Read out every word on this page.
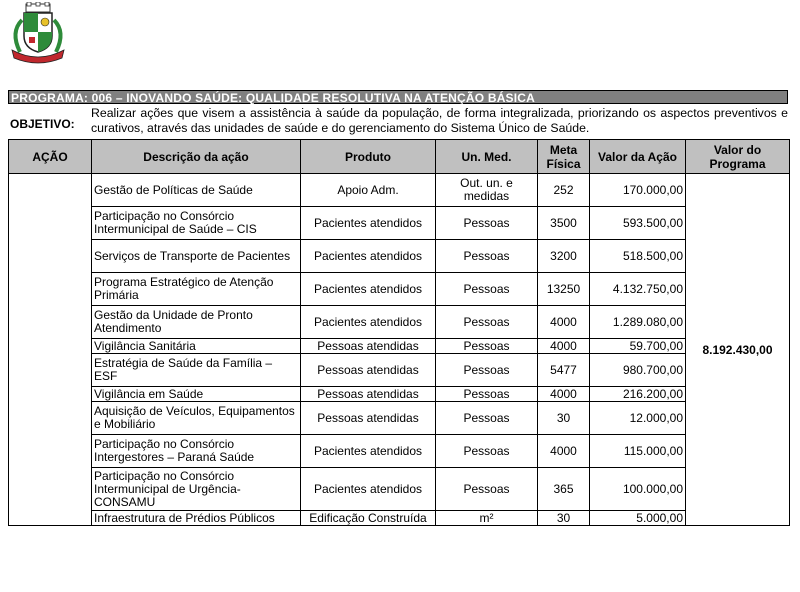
PROGRAMA: 006 – INOVANDO SAÚDE: QUALIDADE RESOLUTIVA NA ATENÇÃO BÁSICA
OBJETIVO:
Realizar ações que visem a assistência à saúde da população, de forma integralizada, priorizando os aspectos preventivos e curativos, através das unidades de saúde e do gerenciamento do Sistema Único de Saúde.
AÇÃO	Descrição da ação	Produto	Un. Med.	Meta Física	Valor da Ação	Valor do Programa
	Gestão de Políticas de Saúde	Apoio Adm.	Out. un. e medidas	252	170.000,00	8.192.430,00
	Participação no Consórcio Intermunicipal de Saúde – CIS	Pacientes atendidos	Pessoas	3500	593.500,00	
	Serviços de Transporte de Pacientes	Pacientes atendidos	Pessoas	3200	518.500,00	
	Programa Estratégico de Atenção Primária	Pacientes atendidos	Pessoas	13250	4.132.750,00	
	Gestão da Unidade de Pronto Atendimento	Pacientes atendidos	Pessoas	4000	1.289.080,00	
	Vigilância Sanitária	Pessoas atendidas	Pessoas	4000	59.700,00	
	Estratégia de Saúde da Família – ESF	Pessoas atendidas	Pessoas	5477	980.700,00	
	Vigilância em Saúde	Pessoas atendidas	Pessoas	4000	216.200,00	
	Aquisição de Veículos, Equipamentos e Mobiliário	Pessoas atendidas	Pessoas	30	12.000,00	
	Participação no Consórcio Intergestores – Paraná Saúde	Pacientes atendidos	Pessoas	4000	115.000,00	
	Participação no Consórcio Intermunicipal de Urgência-CONSAMU	Pacientes atendidos	Pessoas	365	100.000,00	
	Infraestrutura de Prédios Públicos	Edificação Construída	m²	30	5.000,00	
